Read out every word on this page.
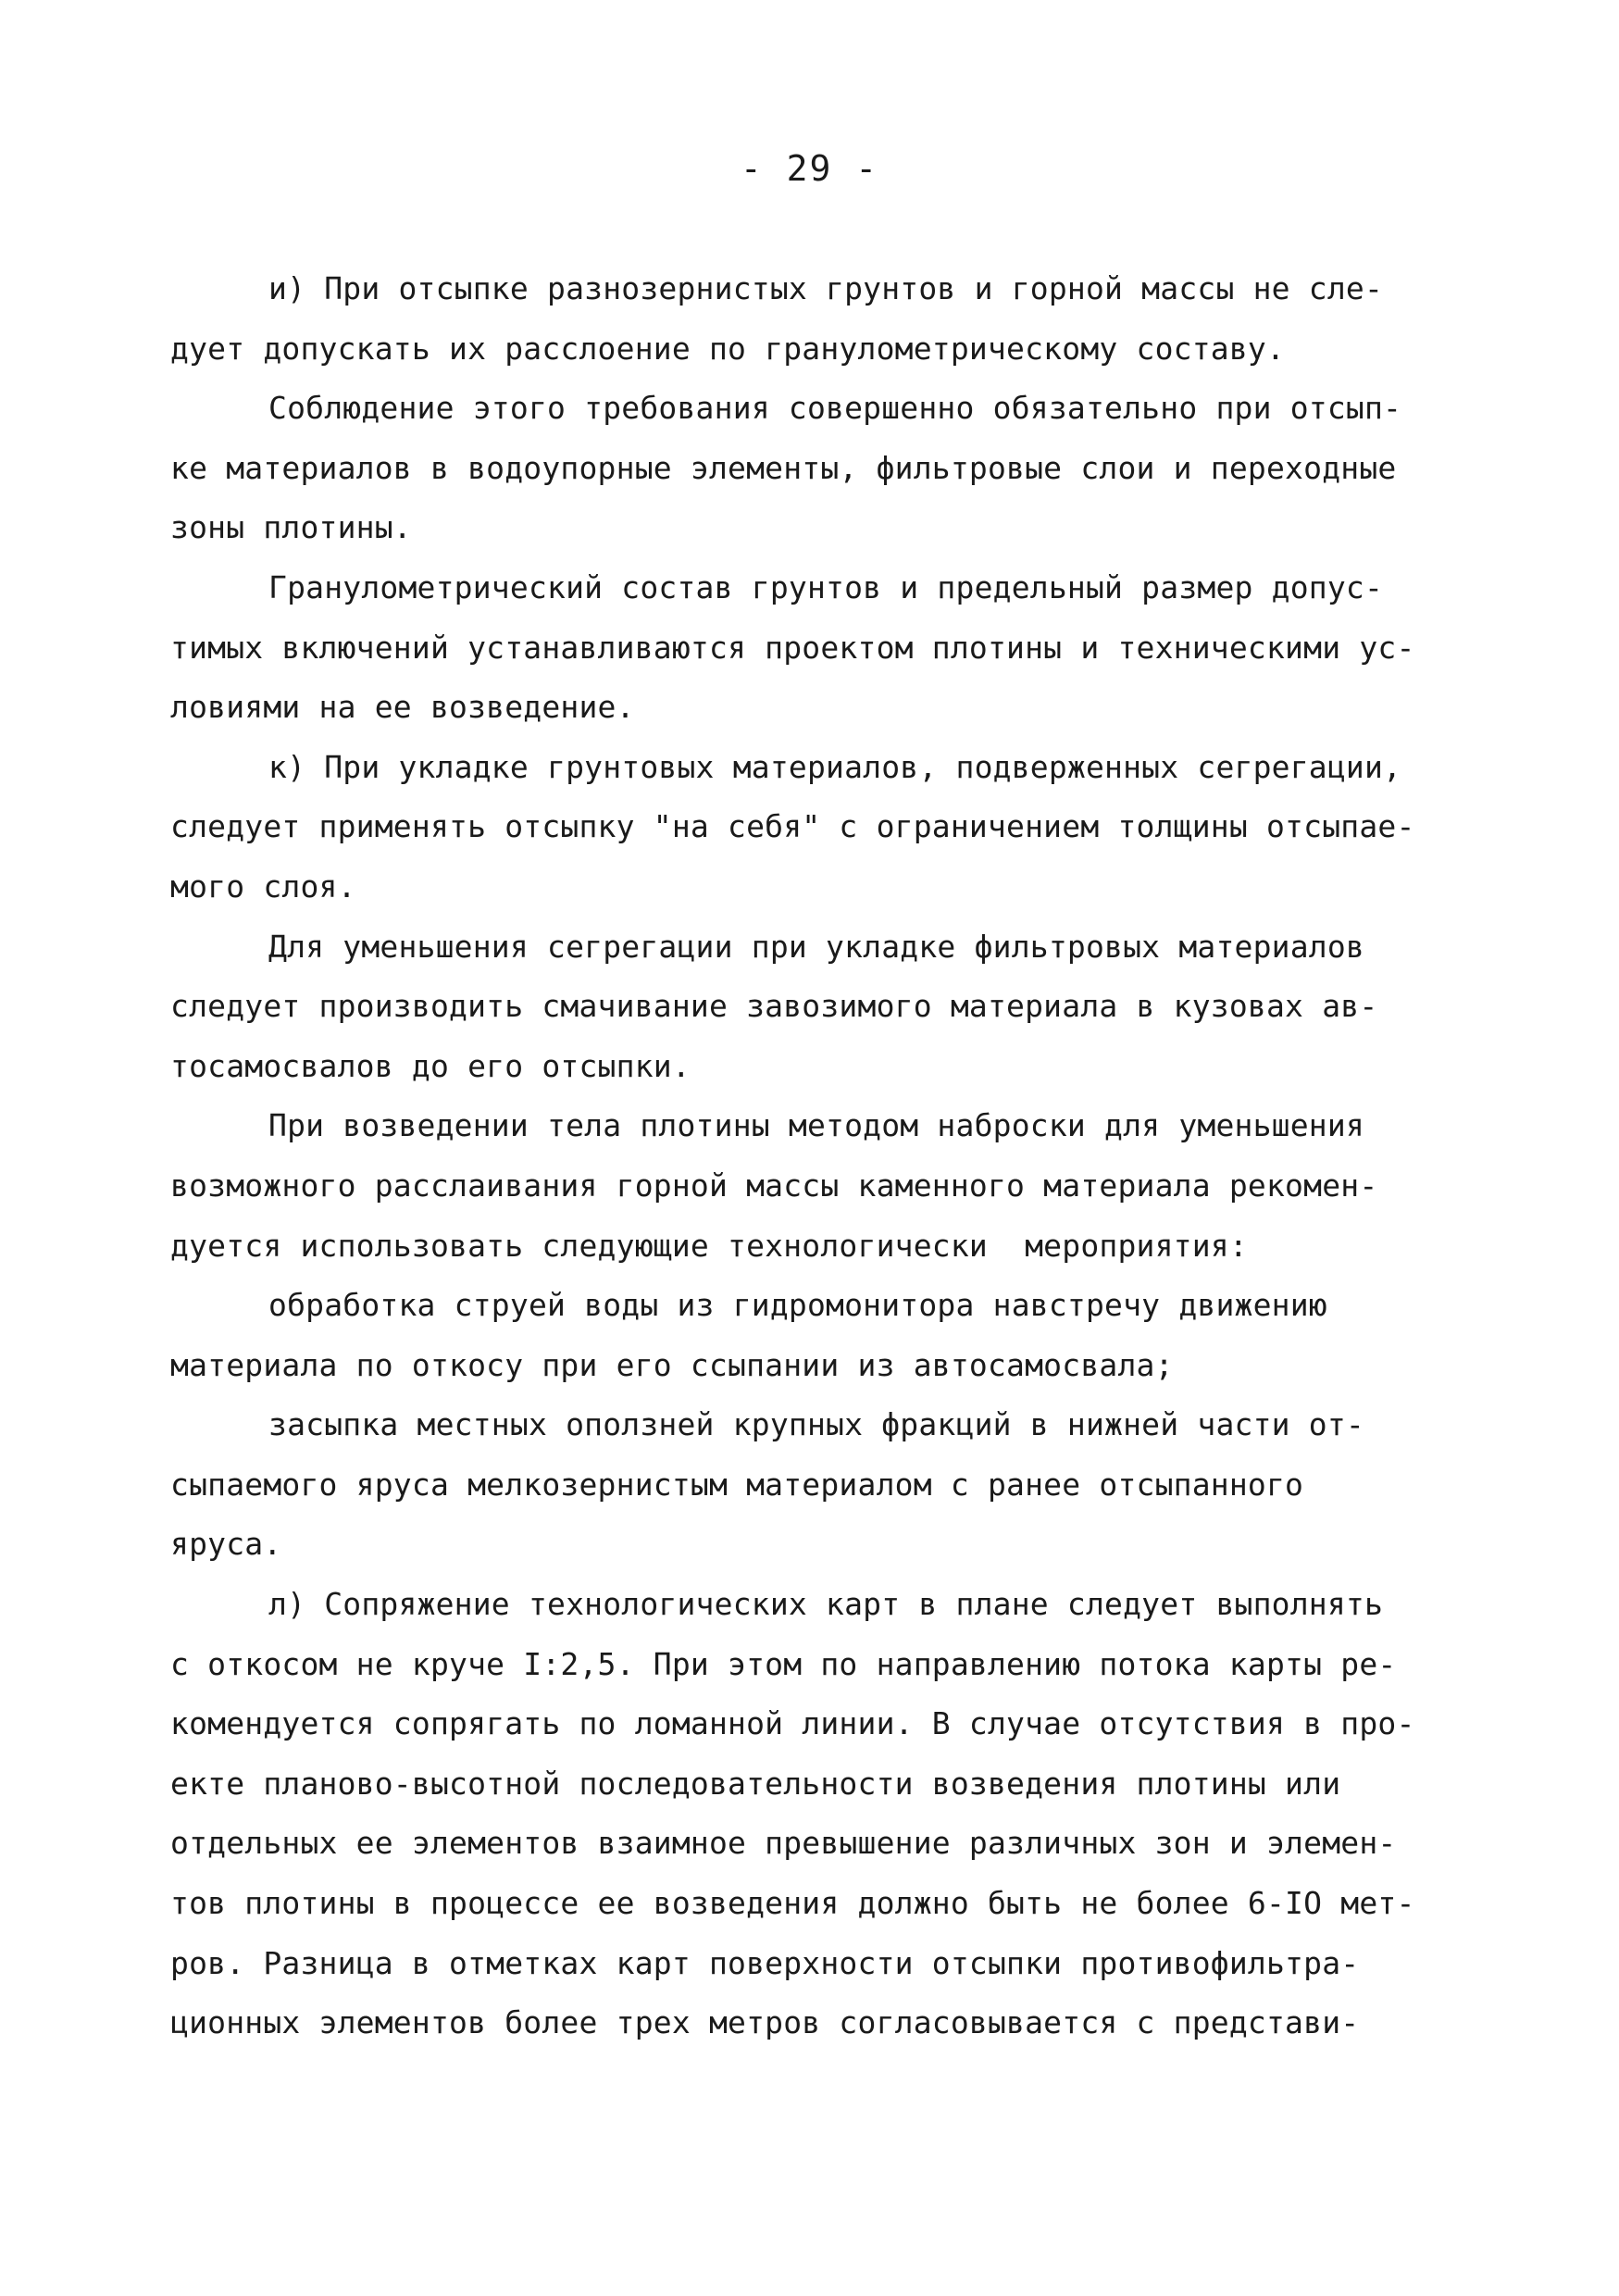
- 29 -
и) При отсыпке разнозернистых грунтов и горной массы не сле-
дует допускать их расслоение по гранулометрическому составу.
Соблюдение этого требования совершенно обязательно при отсып-
ке материалов в водоупорные элементы, фильтровые слои и переходные
зоны плотины.
Гранулометрический состав грунтов и предельный размер допус-
тимых включений устанавливаются проектом плотины и техническими ус-
ловиями на ее возведение.
к) При укладке грунтовых материалов, подверженных сегрегации,
следует применять отсыпку "на себя" с ограничением толщины отсыпае-
мого слоя.
Для уменьшения сегрегации при укладке фильтровых материалов
следует производить смачивание завозимого материала в кузовах ав-
тосамосвалов до его отсыпки.
При возведении тела плотины методом наброски для уменьшения
возможного расслаивания горной массы каменного материала рекомен-
дуется использовать следующие технологически  мероприятия:
обработка струей воды из гидромонитора навстречу движению
материала по откосу при его ссыпании из автосамосвала;
засыпка местных оползней крупных фракций в нижней части от-
сыпаемого яруса мелкозернистым материалом с ранее отсыпанного
яруса.
л) Сопряжение технологических карт в плане следует выполнять
с откосом не круче I:2,5. При этом по направлению потока карты ре-
комендуется сопрягать по ломанной линии. В случае отсутствия в про-
екте планово-высотной последовательности возведения плотины или
отдельных ее элементов взаимное превышение различных зон и элемен-
тов плотины в процессе ее возведения должно быть не более 6-IO мет-
ров. Разница в отметках карт поверхности отсыпки противофильтра-
ционных элементов более трех метров согласовывается с представи-
